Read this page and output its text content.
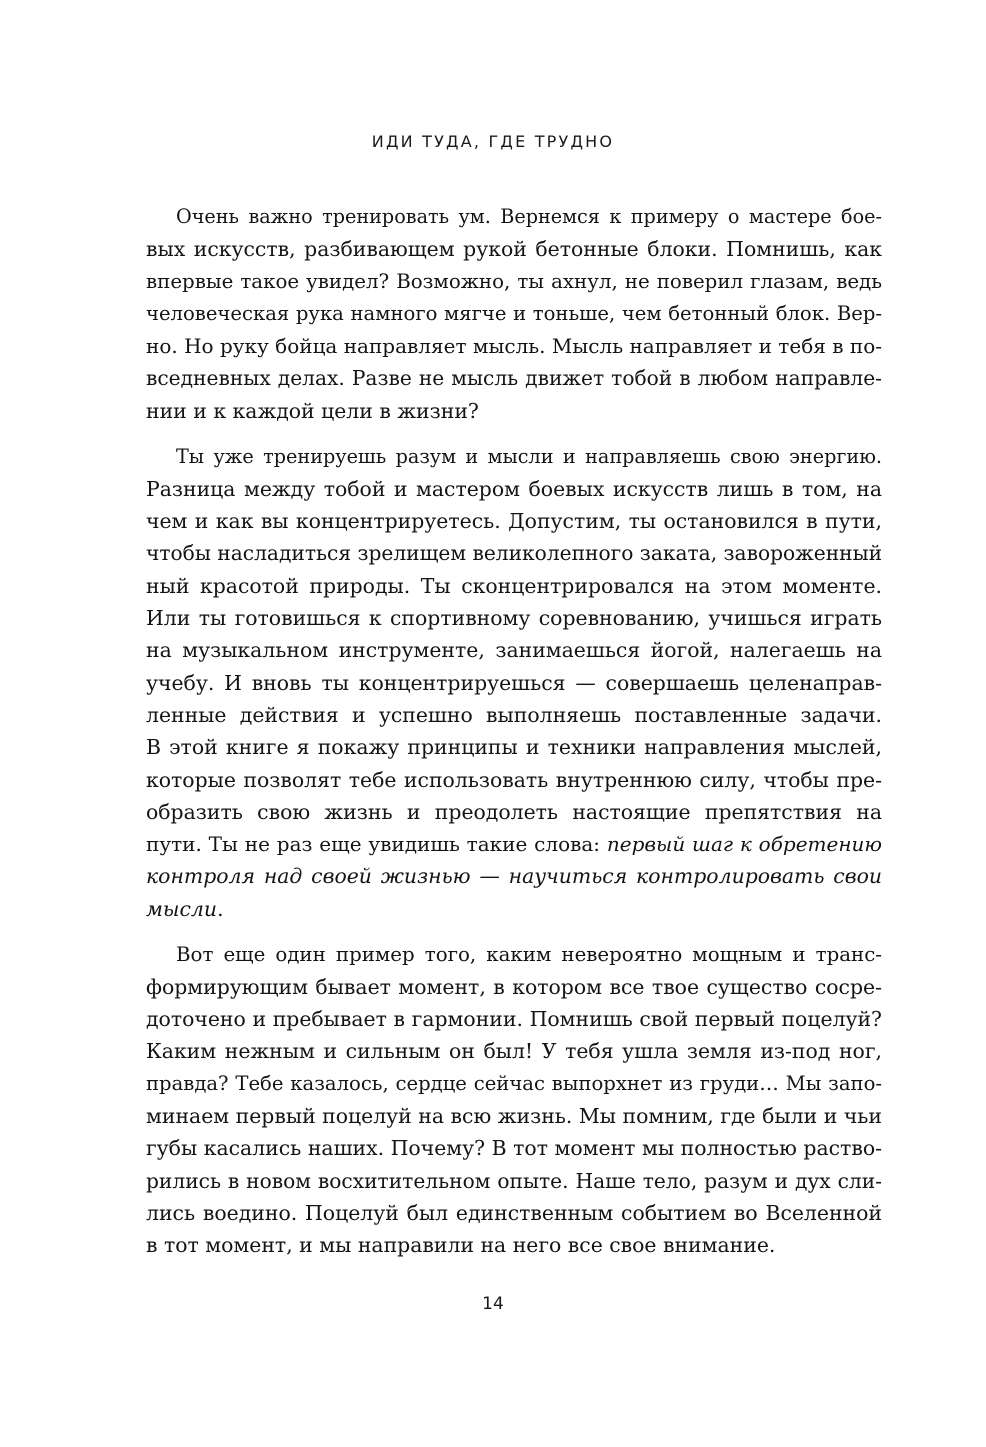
ИДИ ТУДА, ГДЕ ТРУДНО

Очень важно тренировать ум. Вернемся к примеру о мастере бое-
вых искусств, разбивающем рукой бетонные блоки. Помнишь, как
впервые такое увидел? Возможно, ты ахнул, не поверил глазам, ведь
человеческая рука намного мягче и тоньше, чем бетонный блок. Вер-
но. Но руку бойца направляет мысль. Мысль направляет и тебя в по-
вседневных делах. Разве не мысль движет тобой в любом направле-
нии и к каждой цели в жизни?

Ты уже тренируешь разум и мысли и направляешь свою энергию.
Разница между тобой и мастером боевых искусств лишь в том, на
чем и как вы концентрируетесь. Допустим, ты остановился в пути,
чтобы насладиться зрелищем великолепного заката, завороженный
ный красотой природы. Ты сконцентрировался на этом моменте.
Или ты готовишься к спортивному соревнованию, учишься играть
на музыкальном инструменте, занимаешься йогой, налегаешь на
учебу. И вновь ты концентрируешься — совершаешь целенаправ-
ленные действия и успешно выполняешь поставленные задачи.
В этой книге я покажу принципы и техники направления мыслей,
которые позволят тебе использовать внутреннюю силу, чтобы пре-
образить свою жизнь и преодолеть настоящие препятствия на
пути. Ты не раз еще увидишь такие слова: первый шаг к обретению
контроля над своей жизнью — научиться контролировать свои
мысли.

Вот еще один пример того, каким невероятно мощным и транс-
формирующим бывает момент, в котором все твое существо сосре-
доточено и пребывает в гармонии. Помнишь свой первый поцелуй?
Каким нежным и сильным он был! У тебя ушла земля из-под ног,
правда? Тебе казалось, сердце сейчас выпорхнет из груди… Мы запо-
минаем первый поцелуй на всю жизнь. Мы помним, где были и чьи
губы касались наших. Почему? В тот момент мы полностью раство-
рились в новом восхитительном опыте. Наше тело, разум и дух сли-
лись воедино. Поцелуй был единственным событием во Вселенной
в тот момент, и мы направили на него все свое внимание.

14
